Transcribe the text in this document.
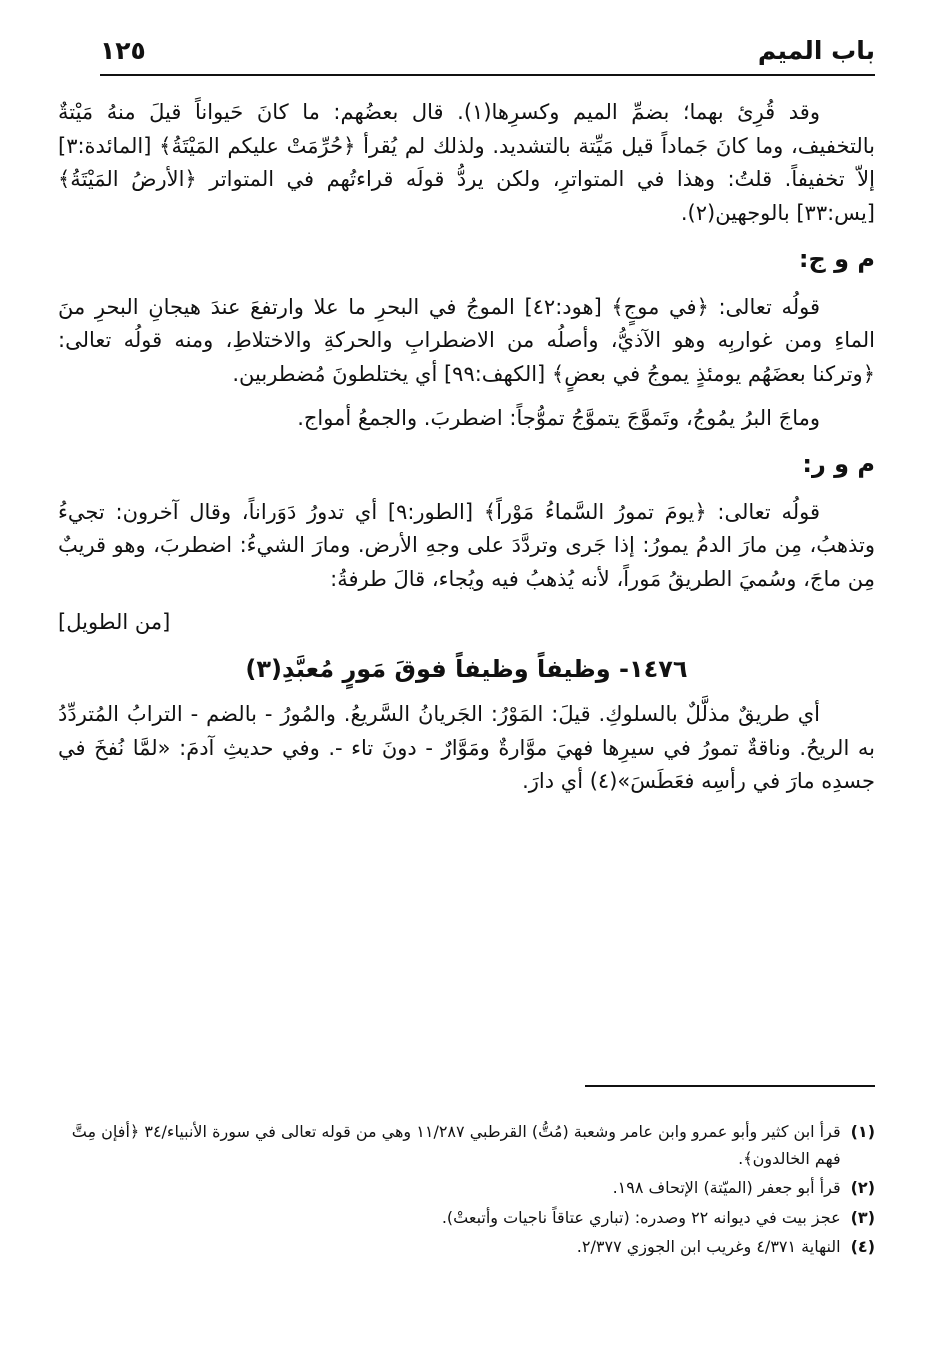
باب الميم
١٢٥

وقد قُرِئ بهما؛ بضمِّ الميم وكسرِها(١). قال بعضُهم: ما كانَ حَيواناً قيلَ منهُ مَيْتةٌ بالتخفيف، وما كانَ جَماداً قيل مَيِّتة بالتشديد. ولذلك لم يُقرأ ﴿حُرِّمَتْ عليكم المَيْتَةُ﴾ [المائدة:٣] إلاّ تخفيفاً. قلتُ: وهذا في المتواترِ، ولكن يردُّ قولَه قراءتُهم في المتواتر ﴿الأرضُ المَيْتَةُ﴾ [يس:٣٣] بالوجهين(٢).

م و ج:

قولُه تعالى: ﴿في موجٍ﴾ [هود:٤٢] الموجُ في البحرِ ما علا وارتفعَ عندَ هيجانِ البحرِ منَ الماءِ ومن غواربِه وهو الآذيُّ، وأصلُه من الاضطرابِ والحركةِ والاختلاطِ، ومنه قولُه تعالى: ﴿وتركنا بعضَهُم يومئذٍ يموجُ في بعضٍ﴾ [الكهف:٩٩] أي يختلطونَ مُضطربين.

وماجَ البرُ يمُوجُ، وتَموَّجَ يتموَّجُ تموُّجاً: اضطربَ. والجمعُ أمواج.

م و ر:

قولُه تعالى: ﴿يومَ تمورُ السَّماءُ مَوْراً﴾ [الطور:٩] أي تدورُ دَوَراناً، وقال آخرون: تجيءُ وتذهبُ، مِن مارَ الدمُ يمورُ: إذا جَرى وتردَّدَ على وجهِ الأرض. ومارَ الشيءُ: اضطربَ، وهو قريبٌ مِن ماجَ، وسُميَ الطريقُ مَوراً، لأنه يُذهبُ فيه ويُجاء، قالَ طرفةُ:

[من الطويل]

١٤٧٦- وظيفاً وظيفاً فوقَ مَورٍ مُعبَّدِ(٣)

أي طريقٌ مذلَّلٌ بالسلوكِ. قيلَ: المَوْرُ: الجَريانُ السَّريعُ. والمُورُ - بالضم - الترابُ المُتردِّدُ به الريحُ. وناقةٌ تمورُ في سيرِها فهيَ موَّارةٌ ومَوَّارٌ - دونَ تاء -. وفي حديثِ آدمَ: «لمَّا نُفخَ في جسدِه مارَ في رأسِه فعَطَسَ»(٤) أي دارَ.

(١)
قرأ ابن كثير وأبو عمرو وابن عامر وشعبة (مُتُّ) القرطبي ١١/٢٨٧ وهي من قوله تعالى في سورة الأنبياء/٣٤ ﴿أفإن مِتَّ فهم الخالدون﴾.
(٢)
قرأ أبو جعفر (الميّتة) الإتحاف ١٩٨.
(٣)
عجز بيت في ديوانه ٢٢ وصدره: (تباري عتاقاً ناجيات وأتبعتْ).
(٤)
النهاية ٤/٣٧١ وغريب ابن الجوزي ٢/٣٧٧.
